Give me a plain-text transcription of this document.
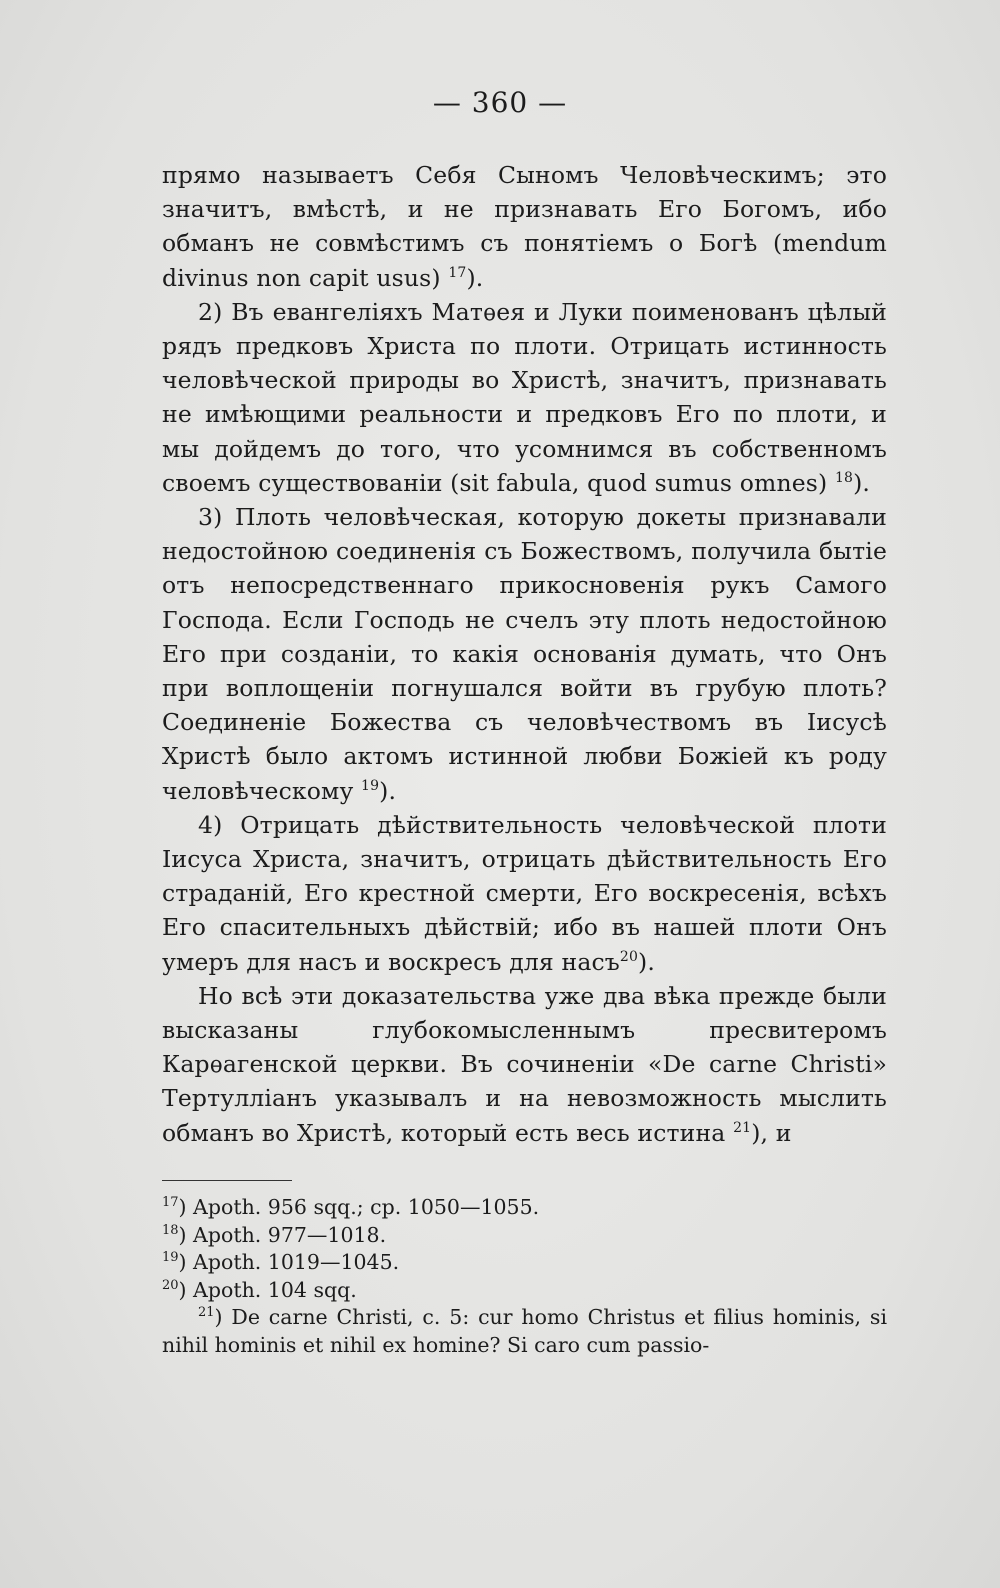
— 360 —

прямо называетъ Себя Сыномъ Человѣческимъ; это значитъ, вмѣстѣ, и не признавать Его Богомъ, ибо обманъ не совмѣстимъ съ понятіемъ о Богѣ (mendum divinus non capit usus) $^{17}$).

2) Въ евангеліяхъ Матѳея и Луки поименованъ цѣлый рядъ предковъ Христа по плоти. Отрицать истинность человѣческой природы во Христѣ, значитъ, признавать не имѣющими реальности и предковъ Его по плоти, и мы дойдемъ до того, что усомнимся въ собственномъ своемъ существованіи (sit fabula, quod sumus omnes) $^{18}$).

3) Плоть человѣческая, которую докеты признавали недостойною соединенія съ Божествомъ, получила бытіе отъ непосредственнаго прикосновенія рукъ Самого Господа. Если Господь не счелъ эту плоть недостойною Его при созданіи, то какія основанія думать, что Онъ при воплощеніи погнушался войти въ грубую плоть? Соединеніе Божества съ человѣчествомъ въ Іисусѣ Христѣ было актомъ истинной любви Божіей къ роду человѣческому $^{19}$).

4) Отрицать дѣйствительность человѣческой плоти Іисуса Христа, значитъ, отрицать дѣйствительность Его страданій, Его крестной смерти, Его воскресенія, всѣхъ Его спасительныхъ дѣйствій; ибо въ нашей плоти Онъ умеръ для насъ и воскресъ для насъ$^{20}$).

Но всѣ эти доказательства уже два вѣка прежде были высказаны глубокомысленнымъ пресвитеромъ Карѳагенской церкви. Въ сочиненіи «De carne Christi» Тертулліанъ указывалъ и на невозможность мыслить обманъ во Христѣ, который есть весь истина $^{21}$), и

$^{17}$) Apoth. 956 sqq.; ср. 1050—1055.
$^{18}$) Apoth. 977—1018.
$^{19}$) Apoth. 1019—1045.
$^{20}$) Apoth. 104 sqq.
$^{21}$) De carne Christi, c. 5: cur homo Christus et filius hominis, si nihil hominis et nihil ex homine? Si caro cum passio-
